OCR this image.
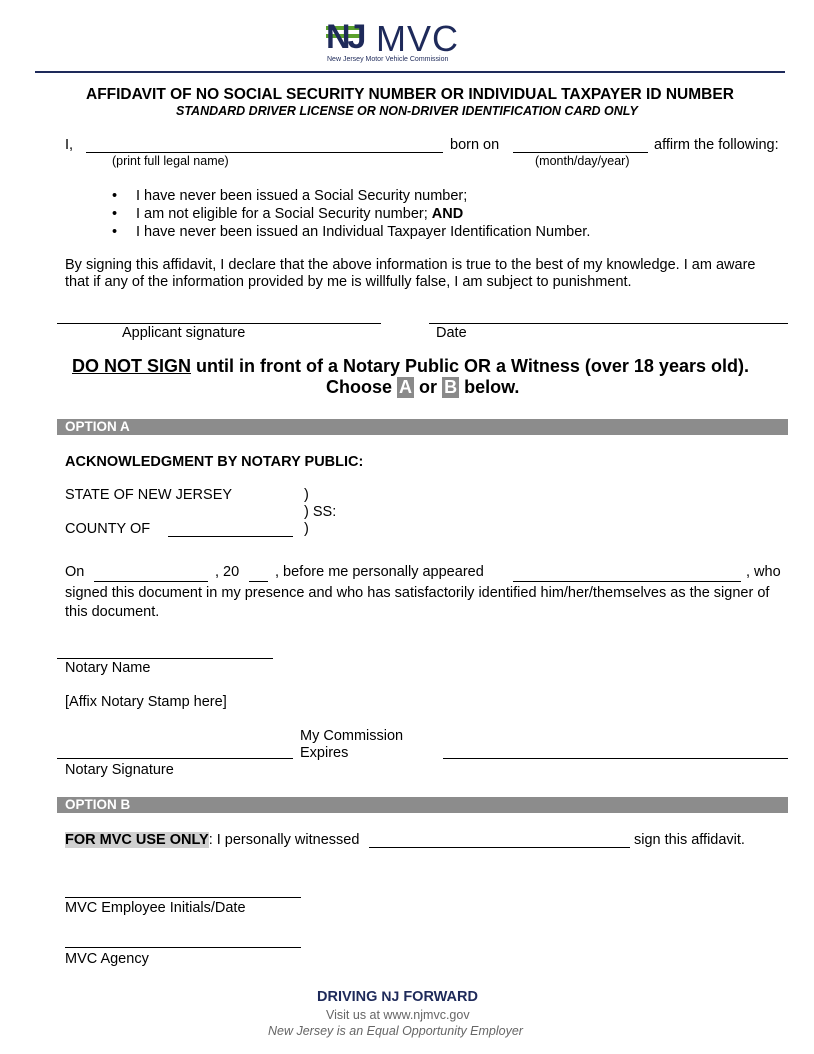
NJ MVC
New Jersey Motor Vehicle Commission
AFFIDAVIT OF NO SOCIAL SECURITY NUMBER OR INDIVIDUAL TAXPAYER ID NUMBER
STANDARD DRIVER LICENSE OR NON-DRIVER IDENTIFICATION CARD ONLY
I,	born on	affirm the following:
(print full legal name)	(month/day/year)
• I have never been issued a Social Security number;
• I am not eligible for a Social Security number; AND
• I have never been issued an Individual Taxpayer Identification Number.
By signing this affidavit, I declare that the above information is true to the best of my knowledge. I am aware
that if any of the information provided by me is willfully false, I am subject to punishment.
Applicant signature	Date
DO NOT SIGN until in front of a Notary Public OR a Witness (over 18 years old).
Choose A or B below.
OPTION A
ACKNOWLEDGMENT BY NOTARY PUBLIC:
STATE OF NEW JERSEY	)
) SS:
COUNTY OF	)
On	, 20 , before me personally appeared	, who
signed this document in my presence and who has satisfactorily identified him/her/themselves as the signer of
this document.
Notary Name
[Affix Notary Stamp here]
My Commission
Expires
Notary Signature
OPTION B
FOR MVC USE ONLY: I personally witnessed	sign this affidavit.
MVC Employee Initials/Date
MVC Agency
DRIVING NJ FORWARD
Visit us at www.njmvc.gov
New Jersey is an Equal Opportunity Employer
